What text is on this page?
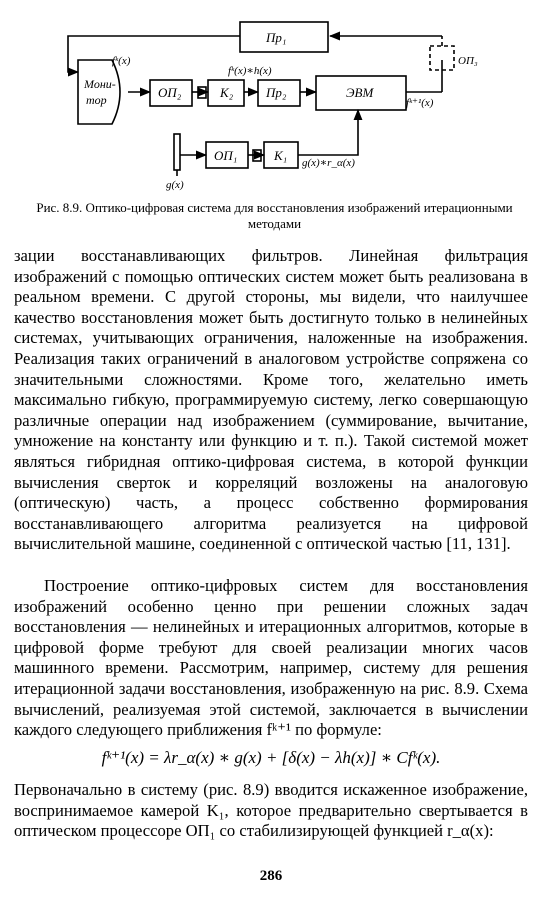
Пр₁
Мони-тор	ОП₂	К₂	Пр₂	ЭВМ
ОП₁	К₁
ОП₃
fᵏ(x)
fᵏ(x)∗h(x)
fᵏ⁺¹(x)
g(x)∗r_α(x)
g(x)
Рис. 8.9. Оптико-цифровая система для восстановления изображений итерационными методами

зации восстанавливающих фильтров. Линейная фильтрация изображений с помощью оптических систем может быть реализована в реальном времени. С другой стороны, мы видели, что наилучшее качество восстановления может быть достигнуто только в нелинейных системах, учитывающих ограничения, наложенные на изображения. Реализация таких ограничений в аналоговом устройстве сопряжена со значительными сложностями. Кроме того, желательно иметь максимально гибкую, программируемую систему, легко совершающую различные операции над изображением (суммирование, вычитание, умножение на константу или функцию и т. п.). Такой системой может являться гибридная оптико-цифровая система, в которой функции вычисления сверток и корреляций возложены на аналоговую (оптическую) часть, а процесс собственно формирования восстанавливающего алгоритма реализуется на цифровой вычислительной машине, соединенной с оптической частью [11, 131].

Построение оптико-цифровых систем для восстановления изображений особенно ценно при решении сложных задач восстановления — нелинейных и итерационных алгоритмов, которые в цифровой форме требуют для своей реализации многих часов машинного времени. Рассмотрим, например, систему для решения итерационной задачи восстановления, изображенную на рис. 8.9. Схема вычислений, реализуемая этой системой, заключается в вычислении каждого следующего приближения fᵏ⁺¹ по формуле:

fᵏ⁺¹(x) = λr_α(x) ∗ g(x) + [δ(x) − λh(x)] ∗ Cfᵏ(x).

Первоначально в систему (рис. 8.9) вводится искаженное изображение, воспринимаемое камерой K₁, которое предварительно свертывается в оптическом процессоре ОП₁ со стабилизирующей функцией r_α(x):

286
